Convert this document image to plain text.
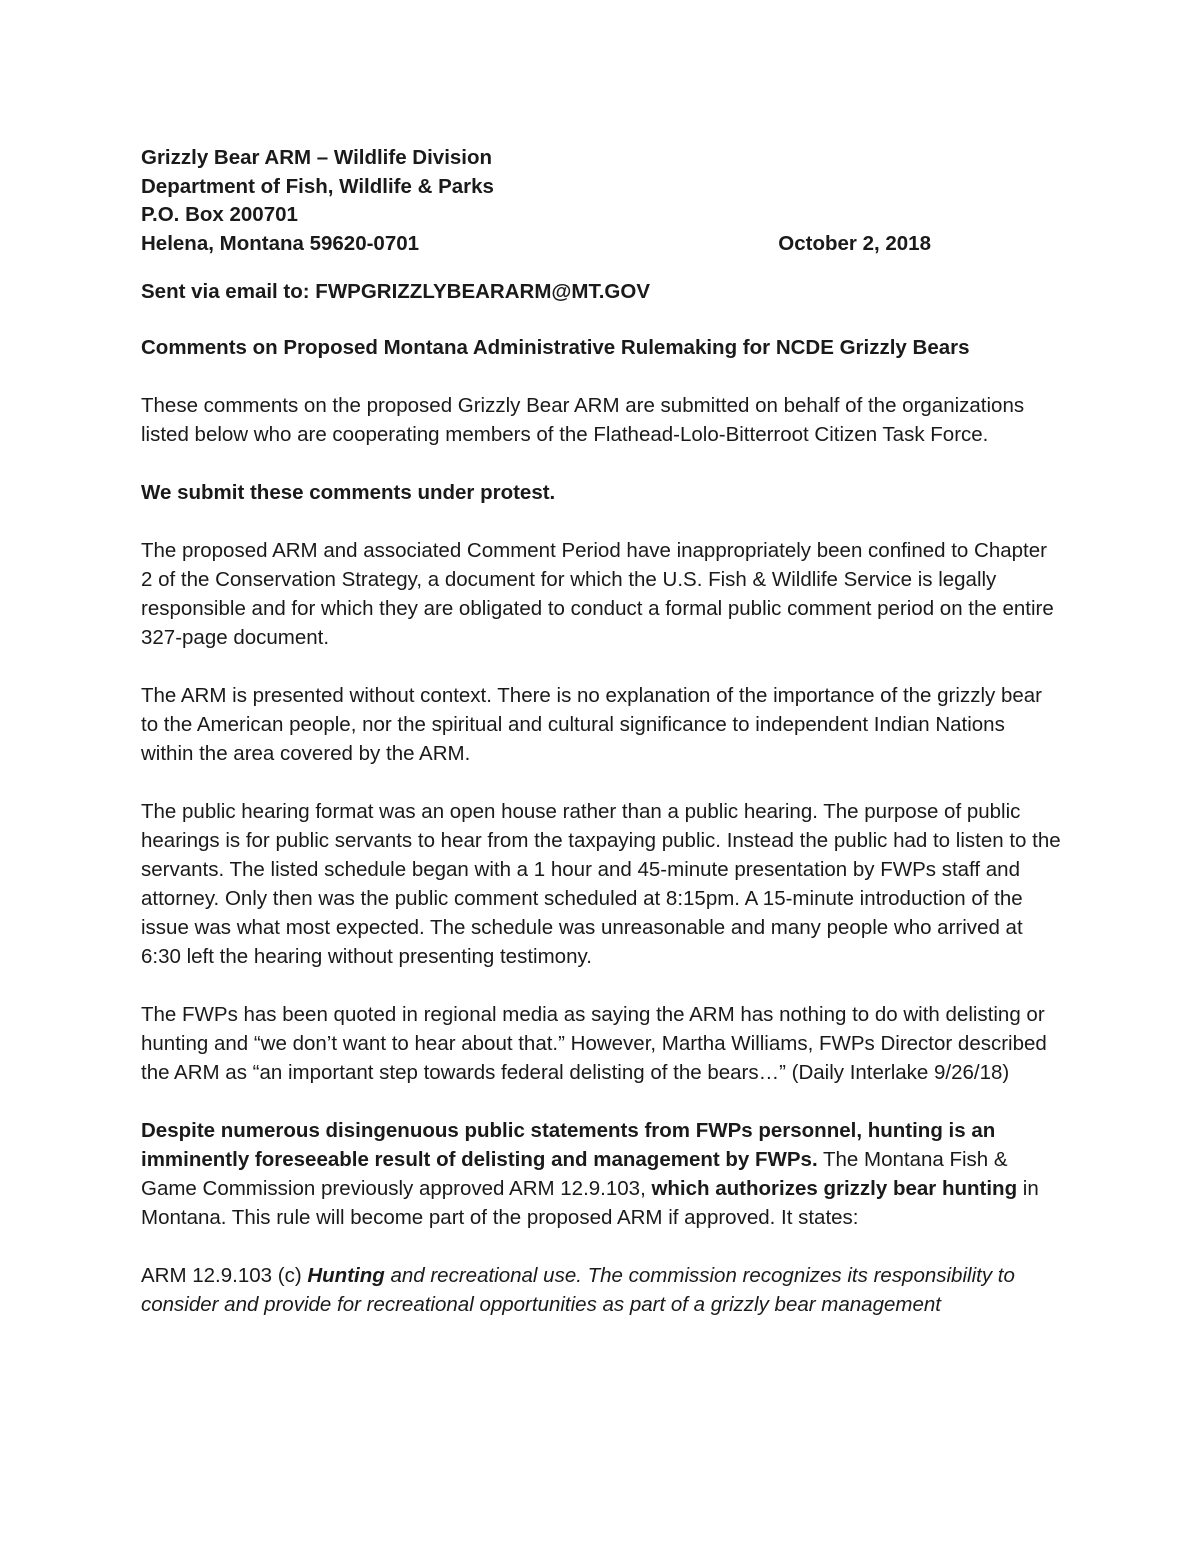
Grizzly Bear ARM – Wildlife Division
Department of Fish, Wildlife & Parks
P.O. Box 200701
Helena, Montana 59620-0701	October 2, 2018
Sent via email to: FWPGRIZZLYBEARARM@MT.GOV
Comments on Proposed Montana Administrative Rulemaking for NCDE Grizzly Bears

These comments on the proposed Grizzly Bear ARM are submitted on behalf of the organizations listed below who are cooperating members of the Flathead-Lolo-Bitterroot Citizen Task Force.

We submit these comments under protest.

The proposed ARM and associated Comment Period have inappropriately been confined to Chapter 2 of the Conservation Strategy, a document for which the U.S. Fish & Wildlife Service is legally responsible and for which they are obligated to conduct a formal public comment period on the entire 327-page document.

The ARM is presented without context. There is no explanation of the importance of the grizzly bear to the American people, nor the spiritual and cultural significance to independent Indian Nations within the area covered by the ARM.

The public hearing format was an open house rather than a public hearing. The purpose of public hearings is for public servants to hear from the taxpaying public. Instead the public had to listen to the servants. The listed schedule began with a 1 hour and 45-minute presentation by FWPs staff and attorney. Only then was the public comment scheduled at 8:15pm. A 15-minute introduction of the issue was what most expected. The schedule was unreasonable and many people who arrived at 6:30 left the hearing without presenting testimony.

The FWPs has been quoted in regional media as saying the ARM has nothing to do with delisting or hunting and “we don’t want to hear about that.” However, Martha Williams, FWPs Director described the ARM as “an important step towards federal delisting of the bears…” (Daily Interlake 9/26/18)

Despite numerous disingenuous public statements from FWPs personnel, hunting is an imminently foreseeable result of delisting and management by FWPs. The Montana Fish & Game Commission previously approved ARM 12.9.103, which authorizes grizzly bear hunting in Montana. This rule will become part of the proposed ARM if approved. It states:

ARM 12.9.103 (c) Hunting and recreational use. The commission recognizes its responsibility to consider and provide for recreational opportunities as part of a grizzly bear management
